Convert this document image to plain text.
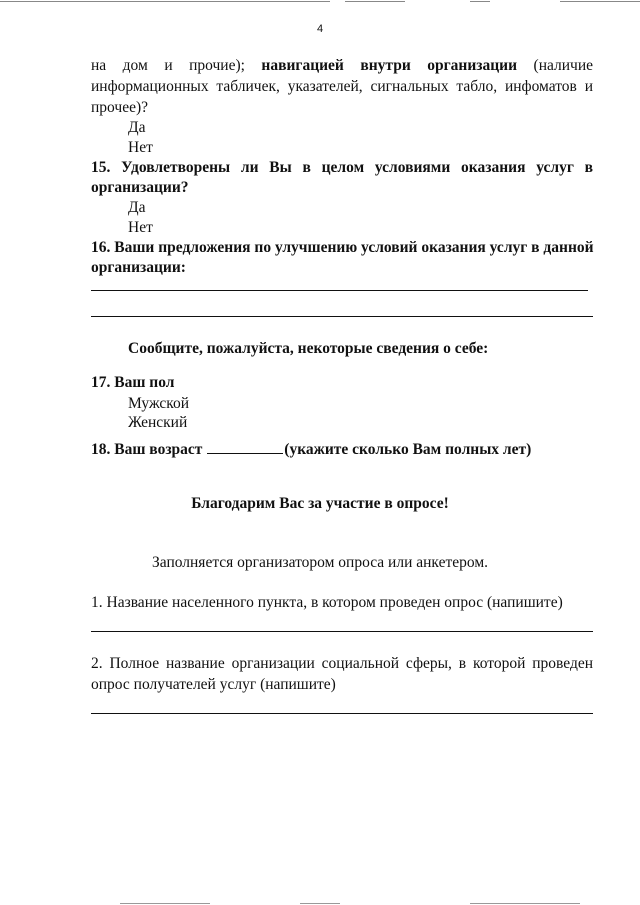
4
на дом и прочие); навигацией внутри организации (наличие
информационных табличек, указателей, сигнальных табло, инфоматов и
прочее)?
Да
Нет
15. Удовлетворены ли Вы в целом условиями оказания услуг в
организации?
Да
Нет
16. Ваши предложения по улучшению условий оказания услуг в данной
организации:
Сообщите, пожалуйста, некоторые сведения о себе:
17. Ваш пол
Мужской
Женский
18. Ваш возраст	(укажите сколько Вам полных лет)
Благодарим Вас за участие в опросе!
Заполняется организатором опроса или анкетером.
1. Название населенного пункта, в котором проведен опрос (напишите)
2. Полное название организации социальной сферы, в которой проведен
опрос получателей услуг (напишите)
